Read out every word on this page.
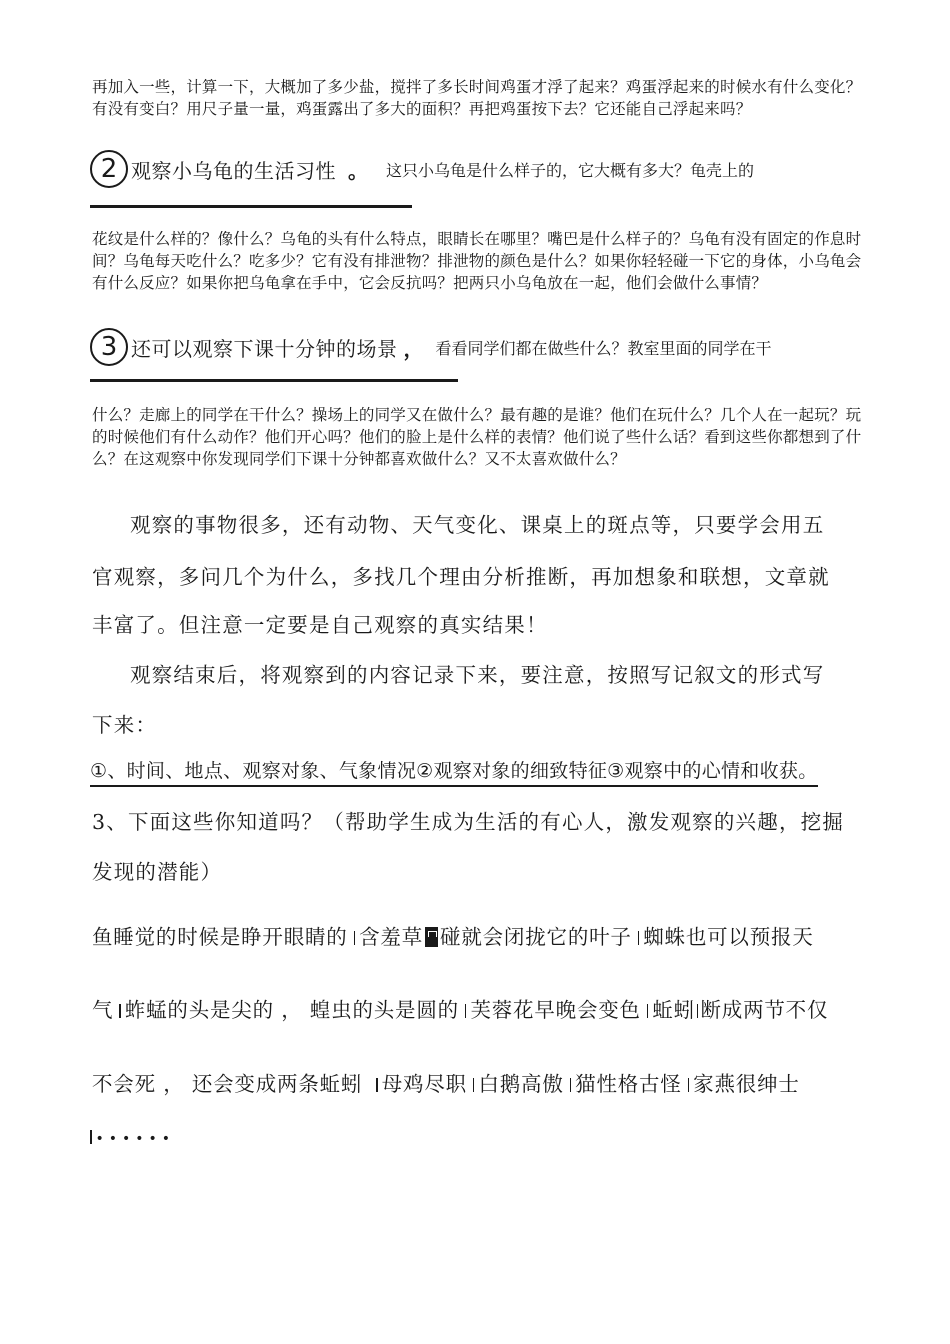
再加入一些，计算一下，大概加了多少盐，搅拌了多长时间鸡蛋才浮了起来？鸡蛋浮起来的时候水有什么变化？有没有变白？用尺子量一量，鸡蛋露出了多大的面积？再把鸡蛋按下去？它还能自己浮起来吗？
2 观察小乌龟的生活习性 。 这只小乌龟是什么样子的，它大概有多大？龟壳上的
花纹是什么样的？像什么？乌龟的头有什么特点，眼睛长在哪里？嘴巴是什么样子的？乌龟有没有固定的作息时间？乌龟每天吃什么？吃多少？它有没有排泄物？排泄物的颜色是什么？如果你轻轻碰一下它的身体，小乌龟会有什么反应？如果你把乌龟拿在手中，它会反抗吗？把两只小乌龟放在一起，他们会做什么事情？
3 还可以观察下课十分钟的场景 ， 看看同学们都在做些什么？教室里面的同学在干
什么？走廊上的同学在干什么？操场上的同学又在做什么？最有趣的是谁？他们在玩什么？几个人在一起玩？玩的时候他们有什么动作？他们开心吗？他们的脸上是什么样的表情？他们说了些什么话？看到这些你都想到了什么？在这观察中你发现同学们下课十分钟都喜欢做什么？又不太喜欢做什么？
观察的事物很多，还有动物、天气变化、课桌上的斑点等，只要学会用五
官观察，多问几个为什么，多找几个理由分析推断，再加想象和联想，文章就
丰富了。但注意一定要是自己观察的真实结果！
观察结束后，将观察到的内容记录下来，要注意，按照写记叙文的形式写
下来：
①、时间、地点、观察对象、气象情况②观察对象的细致特征③观察中的心情和收获。
3、下面这些你知道吗？（帮助学生成为生活的有心人，激发观察的兴趣，挖掘
发现的潜能）
鱼睡觉的时候是睁开眼睛的 含羞草 碰就会闭拢它的叶子 蜘蛛也可以预报天
气 蚱蜢的头是尖的 ， 蝗虫的头是圆的 芙蓉花早晚会变色 蚯蚓 断成两节不仅
不会死 ， 还会变成两条蚯蚓 母鸡尽职 白鹅高傲 猫性格古怪 家燕很绅士
••••••
